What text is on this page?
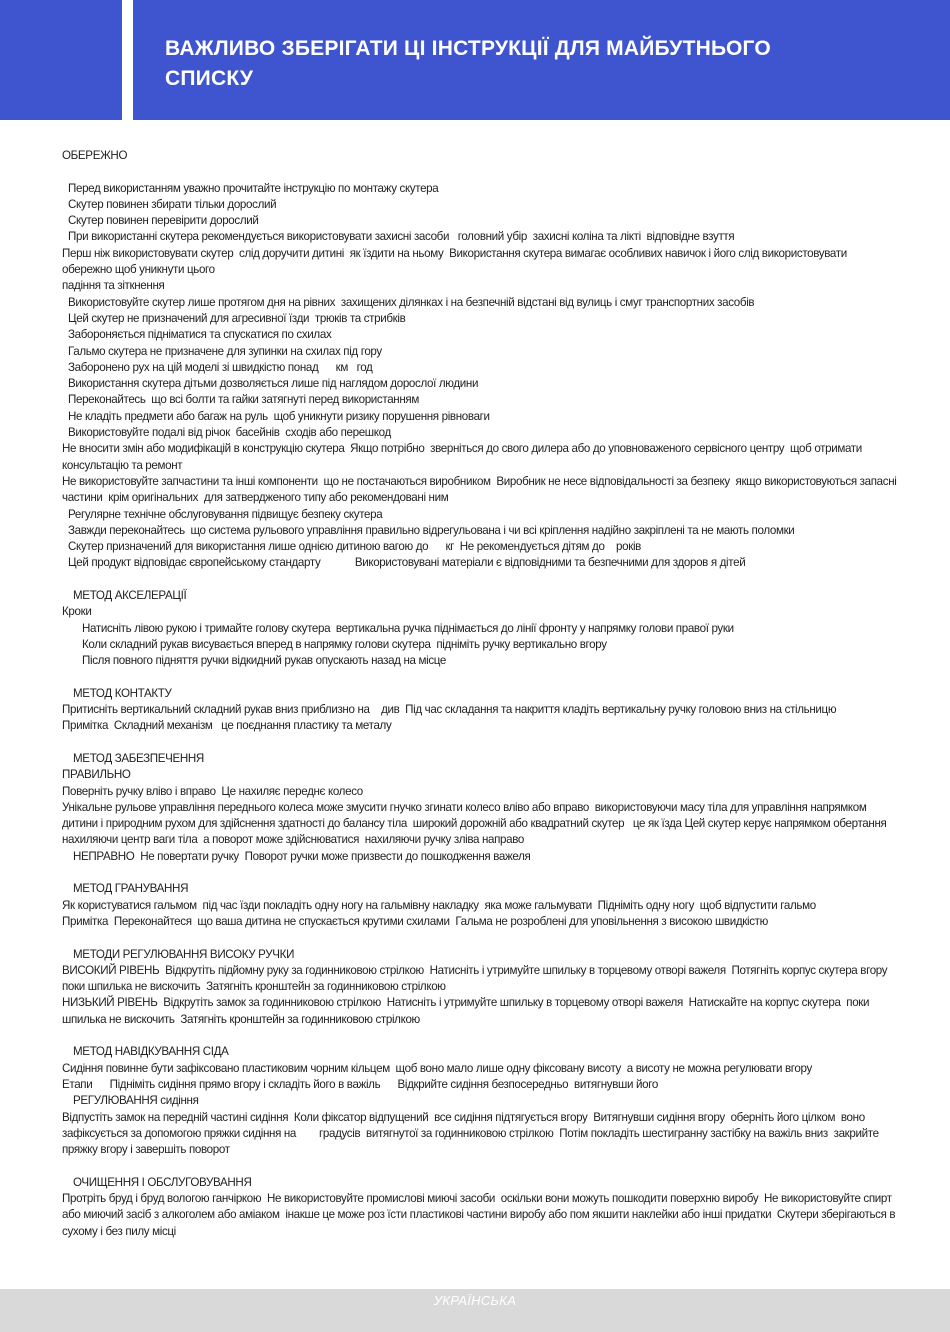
ВАЖЛИВО ЗБЕРІГАТИ ЦІ ІНСТРУКЦІЇ ДЛЯ МАЙБУТНЬОГО
СПИСКУ
ОБЕРЕЖНО
Перед використанням уважно прочитайте інструкцію по монтажу скутера
Скутер повинен збирати тільки дорослий
Скутер повинен перевірити дорослий
При використанні скутера рекомендується використовувати захисні засоби   головний убір  захисні коліна та лікті  відповідне взуття
Перш ніж використовувати скутер  слід доручити дитині  як їздити на ньому  Використання скутера вимагає особливих навичок і його слід використовувати обережно щоб уникнути цього
падіння та зіткнення
Використовуйте скутер лише протягом дня на рівних  захищених ділянках і на безпечній відстані від вулиць і смуг транспортних засобів
Цей скутер не призначений для агресивної їзди  трюків та стрибків
Забороняється підніматися та спускатися по схилах
Гальмо скутера не призначене для зупинки на схилах під гору
Заборонено рух на цій моделі зі швидкістю понад      км   год
Використання скутера дітьми дозволяється лише під наглядом дорослої людини
Переконайтесь  що всі болти та гайки затягнуті перед використанням
Не кладіть предмети або багаж на руль  щоб уникнути ризику порушення рівноваги
Використовуйте подалі від річок  басейнів  сходів або перешкод
Не вносити змін або модифікацій в конструкцію скутера  Якщо потрібно  зверніться до свого дилера або до уповноваженого сервісного центру  щоб отримати консультацію та ремонт
Не використовуйте запчастини та інші компоненти  що не постачаються виробником  Виробник не несе відповідальності за безпеку  якщо використовуються запасні частини  крім оригінальних  для затвердженого типу або рекомендовані ним
Регулярне технічне обслуговування підвищує безпеку скутера
Завжди переконайтесь  що система рульового управління правильно відрегульована і чи всі кріплення надійно закріплені та не мають поломки
Скутер призначений для використання лише однією дитиною вагою до      кг  Не рекомендується дітям до    років
Цей продукт відповідає європейському стандарту            Використовувані матеріали є відповідними та безпечними для здоров я дітей
МЕТОД АКСЕЛЕРАЦІЇ
Кроки
Натисніть лівою рукою і тримайте голову скутера  вертикальна ручка піднімається до лінії фронту у напрямку голови правої руки
Коли складний рукав висувається вперед в напрямку голови скутера  підніміть ручку вертикально вгору
Після повного підняття ручки відкидний рукав опускають назад на місце
МЕТОД КОНТАКТУ
Притисніть вертикальний складний рукав вниз приблизно на    див  Під час складання та накриття кладіть вертикальну ручку головою вниз на стільницю
Примітка  Складний механізм   це поєднання пластику та металу
МЕТОД ЗАБЕЗПЕЧЕННЯ
ПРАВИЛЬНО
Поверніть ручку вліво і вправо  Це нахиляє переднє колесо
Унікальне рульове управління переднього колеса може змусити гнучко згинати колесо вліво або вправо  використовуючи масу тіла для управління напрямком дитини і природним рухом для здійснення здатності до балансу тіла  широкий дорожній або квадратний скутер   це як їзда Цей скутер керує напрямком обертання  нахиляючи центр ваги тіла  а поворот може здійснюватися  нахиляючи ручку зліва направо
НЕПРАВНО  Не повертати ручку  Поворот ручки може призвести до пошкодження важеля
МЕТОД ГРАНУВАННЯ
Як користуватися гальмом  під час їзди покладіть одну ногу на гальмівну накладку  яка може гальмувати  Підніміть одну ногу  щоб відпустити гальмо
Примітка  Переконайтеся  що ваша дитина не спускається крутими схилами  Гальма не розроблені для уповільнення з високою швидкістю
МЕТОДИ РЕГУЛЮВАННЯ ВИСОКУ РУЧКИ
ВИСОКИЙ РІВЕНЬ  Відкрутіть підйомну руку за годинниковою стрілкою  Натисніть і утримуйте шпильку в торцевому отворі важеля  Потягніть корпус скутера вгору  поки шпилька не вискочить  Затягніть кронштейн за годинниковою стрілкою
НИЗЬКИЙ РІВЕНЬ  Відкрутіть замок за годинниковою стрілкою  Натисніть і утримуйте шпильку в торцевому отворі важеля  Натискайте на корпус скутера  поки шпилька не вискочить  Затягніть кронштейн за годинниковою стрілкою
МЕТОД НАВІДКУВАННЯ СІДА
Сидіння повинне бути зафіксовано пластиковим чорним кільцем  щоб воно мало лише одну фіксовану висоту  а висоту не можна регулювати вгору
Етапи      Підніміть сидіння прямо вгору і складіть його в важіль      Відкрийте сидіння безпосередньо  витягнувши його
РЕГУЛЮВАННЯ сидіння
Відпустіть замок на передній частині сидіння  Коли фіксатор відпущений  все сидіння підтягується вгору  Витягнувши сидіння вгору  оберніть його цілком  воно зафіксується за допомогою пряжки сидіння на        градусів  витягнутої за годинниковою стрілкою  Потім покладіть шестигранну застібку на важіль вниз  закрийте пряжку вгору і завершіть поворот
ОЧИЩЕННЯ І ОБСЛУГОВУВАННЯ
Протріть бруд і бруд вологою ганчіркою  Не використовуйте промислові миючі засоби  оскільки вони можуть пошкодити поверхню виробу  Не використовуйте спирт або миючий засіб з алкоголем або аміаком  інакше це може роз їсти пластикові частини виробу або пом якшити наклейки або інші придатки  Скутери зберігаються в сухому і без пилу місці
УКРАЇНСЬКА
